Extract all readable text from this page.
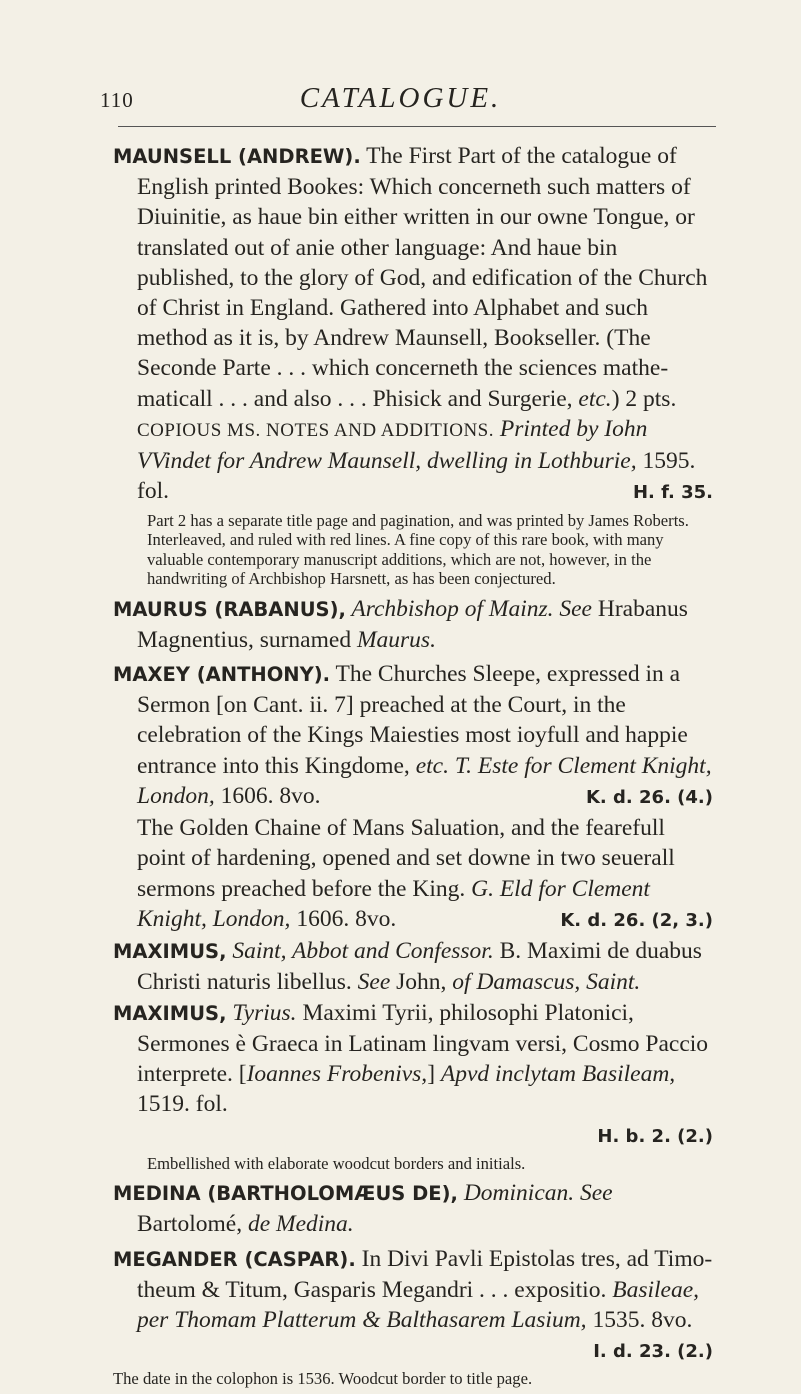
110	CATALOGUE.

MAUNSELL (ANDREW). The First Part of the catalogue of English printed Bookes: Which concerneth such matters of Diuinitie, as haue bin either written in our owne Tongue, or translated out of anie other language: And haue bin published, to the glory of God, and edification of the Church of Christ in England. Gathered into Alphabet and such method as it is, by Andrew Maunsell, Bookseller. (The Seconde Parte . . . which concerneth the sciences mathe-maticall . . . and also . . . Phisick and Surgerie, etc.) 2 pts. COPIOUS MS. NOTES AND ADDITIONS. Printed by Iohn VVindet for Andrew Maunsell, dwelling in Lothburie, 1595. fol.	H. f. 35.

Part 2 has a separate title page and pagination, and was printed by James Roberts. Interleaved, and ruled with red lines. A fine copy of this rare book, with many valuable contemporary manuscript additions, which are not, however, in the handwriting of Archbishop Harsnett, as has been conjectured.

MAURUS (RABANUS), Archbishop of Mainz. See Hrabanus Magnentius, surnamed Maurus.

MAXEY (ANTHONY). The Churches Sleepe, expressed in a Sermon [on Cant. ii. 7] preached at the Court, in the celebration of the Kings Maiesties most ioyfull and happie entrance into this Kingdome, etc. T. Este for Clement Knight, London, 1606. 8vo.	K. d. 26. (4.)

The Golden Chaine of Mans Saluation, and the fearefull point of hardening, opened and set downe in two seuerall sermons preached before the King. G. Eld for Clement Knight, London, 1606. 8vo.	K. d. 26. (2, 3.)

MAXIMUS, Saint, Abbot and Confessor. B. Maximi de duabus Christi naturis libellus. See John, of Damascus, Saint.

MAXIMUS, Tyrius. Maximi Tyrii, philosophi Platonici, Sermones è Graeca in Latinam lingvam versi, Cosmo Paccio interprete. [Ioannes Frobenivs,] Apvd inclytam Basileam, 1519. fol.

H. b. 2. (2.)

Embellished with elaborate woodcut borders and initials.

MEDINA (BARTHOLOMÆUS DE), Dominican. See Bartolomé, de Medina.

MEGANDER (CASPAR). In Divi Pavli Epistolas tres, ad Timo-theum & Titum, Gasparis Megandri . . . expositio. Basileae, per Thomam Platterum & Balthasarem Lasium, 1535. 8vo.

I. d. 23. (2.)

The date in the colophon is 1536. Woodcut border to title page.
